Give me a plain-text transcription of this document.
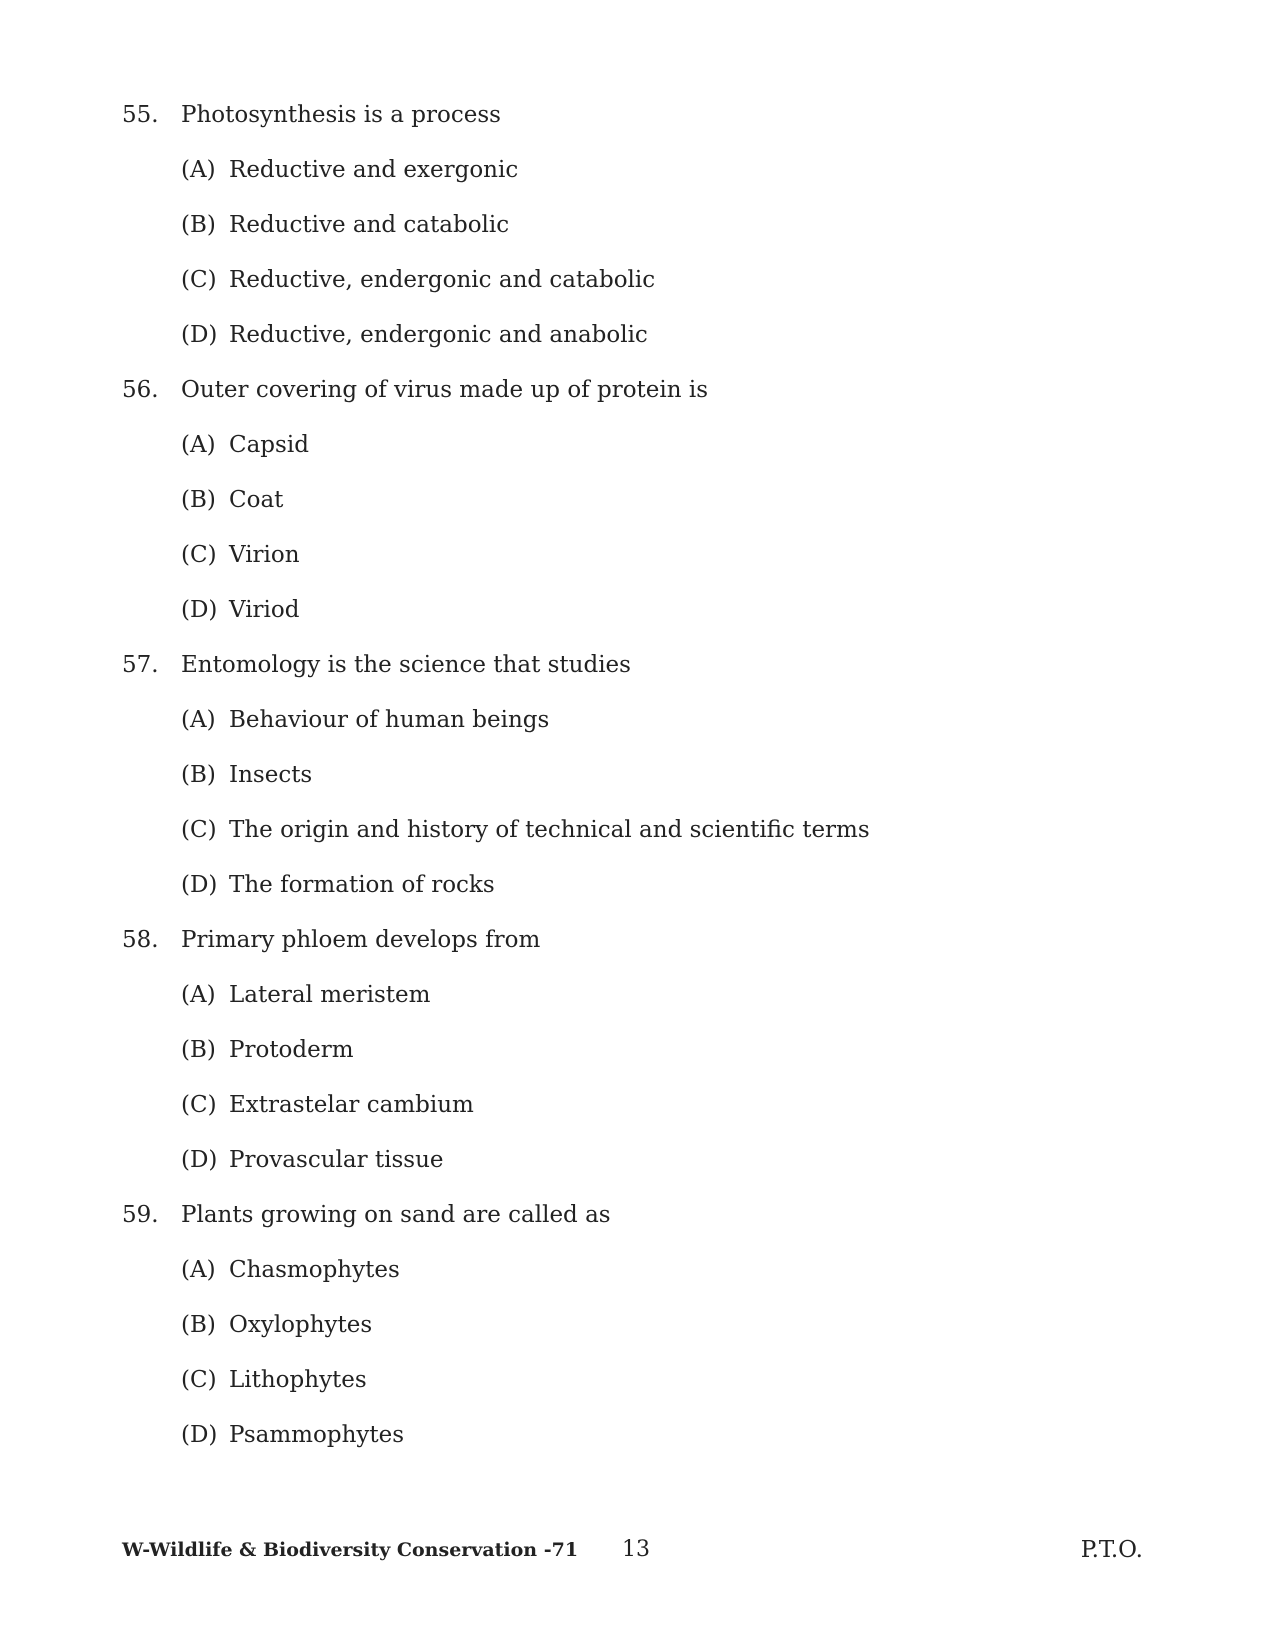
55. Photosynthesis is a process
(A) Reductive and exergonic
(B) Reductive and catabolic
(C) Reductive, endergonic and catabolic
(D) Reductive, endergonic and anabolic
56. Outer covering of virus made up of protein is
(A) Capsid
(B) Coat
(C) Virion
(D) Viriod
57. Entomology is the science that studies
(A) Behaviour of human beings
(B) Insects
(C) The origin and history of technical and scientific terms
(D) The formation of rocks
58. Primary phloem develops from
(A) Lateral meristem
(B) Protoderm
(C) Extrastelar cambium
(D) Provascular tissue
59. Plants growing on sand are called as
(A) Chasmophytes
(B) Oxylophytes
(C) Lithophytes
(D) Psammophytes
W-Wildlife & Biodiversity Conservation -71 13	P.T.O.
